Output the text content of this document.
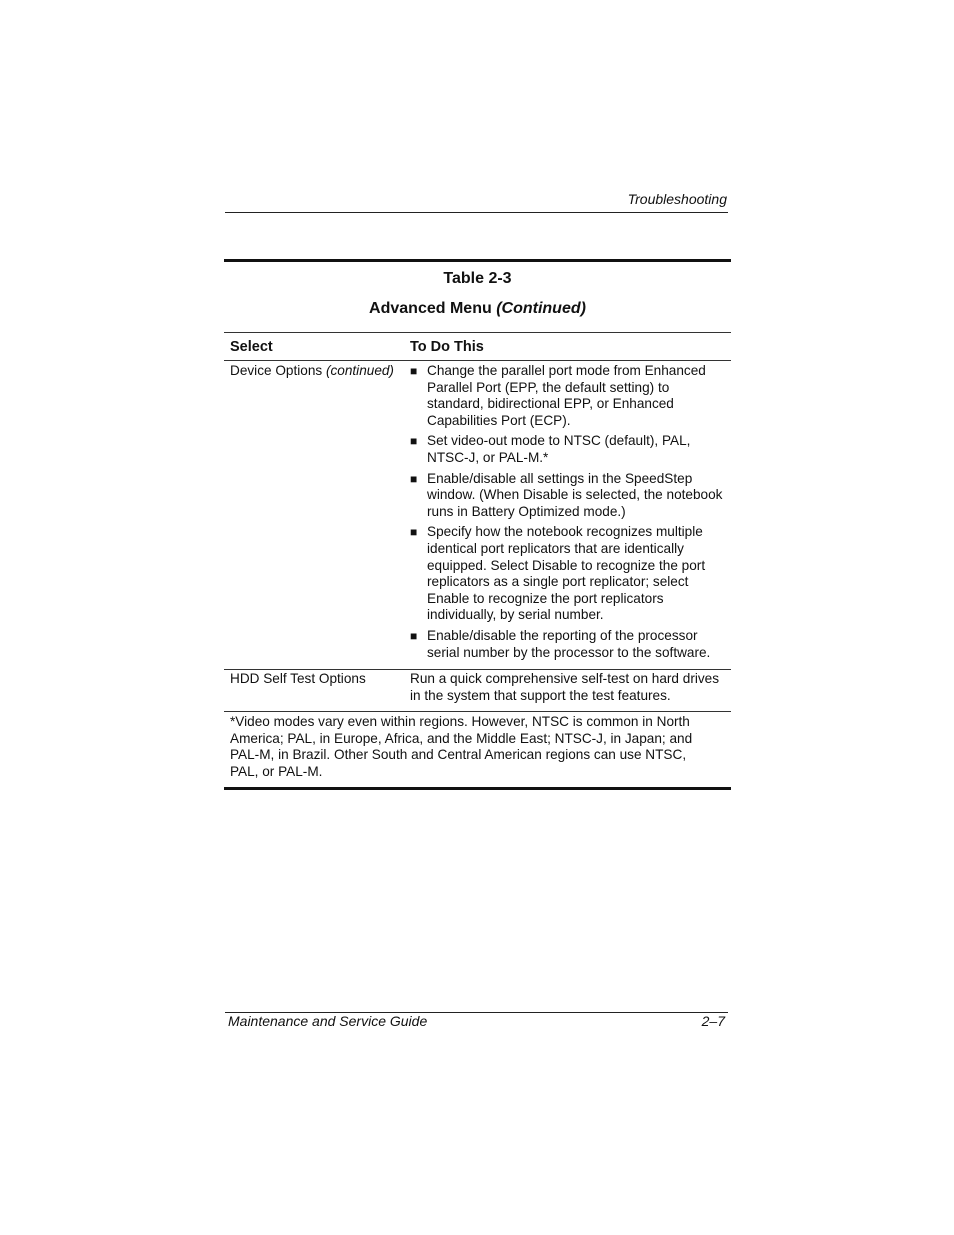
Troubleshooting
Table 2-3
Advanced Menu (Continued)
Select	To Do This
Device Options (continued)	■ Change the parallel port mode from Enhanced Parallel Port (EPP, the default setting) to standard, bidirectional EPP, or Enhanced Capabilities Port (ECP).
■ Set video-out mode to NTSC (default), PAL, NTSC-J, or PAL-M.*
■ Enable/disable all settings in the SpeedStep window. (When Disable is selected, the notebook runs in Battery Optimized mode.)
■ Specify how the notebook recognizes multiple identical port replicators that are identically equipped. Select Disable to recognize the port replicators as a single port replicator; select Enable to recognize the port replicators individually, by serial number.
■ Enable/disable the reporting of the processor serial number by the processor to the software.
HDD Self Test Options	Run a quick comprehensive self-test on hard drives in the system that support the test features.
*Video modes vary even within regions. However, NTSC is common in North America; PAL, in Europe, Africa, and the Middle East; NTSC-J, in Japan; and PAL-M, in Brazil. Other South and Central American regions can use NTSC, PAL, or PAL-M.
Maintenance and Service Guide	2–7
